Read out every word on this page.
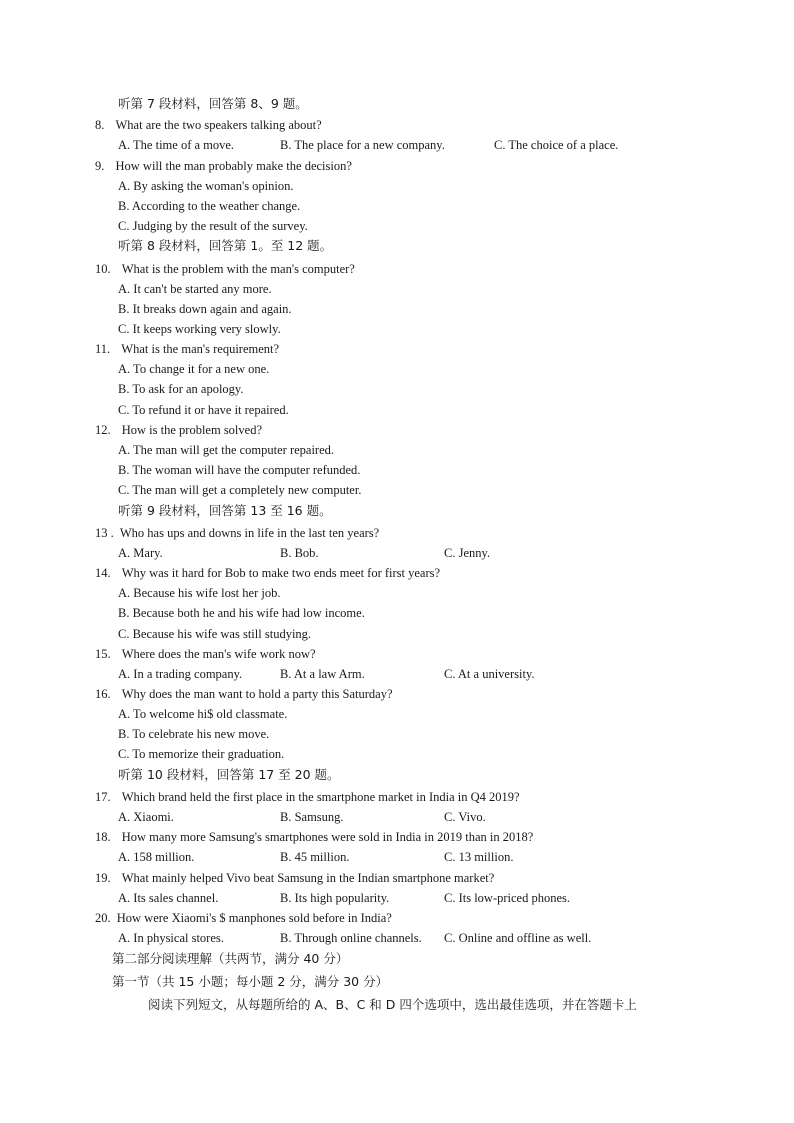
听第 7 段材料，回答第 8、9 题。
8. What are the two speakers talking about?
A. The time of a move.	B. The place for a new company.	C. The choice of a place.
9. How will the man probably make the decision?
A. By asking the woman's opinion.
B. According to the weather change.
C. Judging by the result of the survey.
听第 8 段材料，回答第 1。至 12 题。
10. What is the problem with the man's computer?
A. It can't be started any more.
B. It breaks down again and again.
C. It keeps working very slowly.
11. What is the man's requirement?
A. To change it for a new one.
B. To ask for an apology.
C. To refund it or have it repaired.
12. How is the problem solved?
A. The man will get the computer repaired.
B. The woman will have the computer refunded.
C. The man will get a completely new computer.
听第 9 段材料，回答第 13 至 16 题。
13 . Who has ups and downs in life in the last ten years?
A. Mary.	B. Bob.	C. Jenny.
14. Why was it hard for Bob to make two ends meet for first years?
A. Because his wife lost her job.
B. Because both he and his wife had low income.
C. Because his wife was still studying.
15. Where does the man's wife work now?
A. In a trading company.	B. At a law Arm.	C. At a university.
16. Why does the man want to hold a party this Saturday?
A. To welcome hi$ old classmate.
B. To celebrate his new move.
C. To memorize their graduation.
听第 10 段材料，回答第 17 至 20 题。
17. Which brand held the first place in the smartphone market in India in Q4 2019?
A. Xiaomi.	B. Samsung.	C. Vivo.
18. How many more Samsung's smartphones were sold in India in 2019 than in 2018?
A. 158 million.	B. 45 million.	C. 13 million.
19. What mainly helped Vivo beat Samsung in the Indian smartphone market?
A. Its sales channel.	B. Its high popularity.	C. Its low-priced phones.
20. How were Xiaomi's $ manphones sold before in India?
A. In physical stores.	B. Through online channels. C. Online and offline as well.
第二部分阅读理解（共两节，满分 40 分）
第一节（共 15 小题；每小题 2 分，满分 30 分）
阅读下列短文，从每题所给的 A、B、C 和 D 四个选项中，选出最佳选项，并在答题卡上
